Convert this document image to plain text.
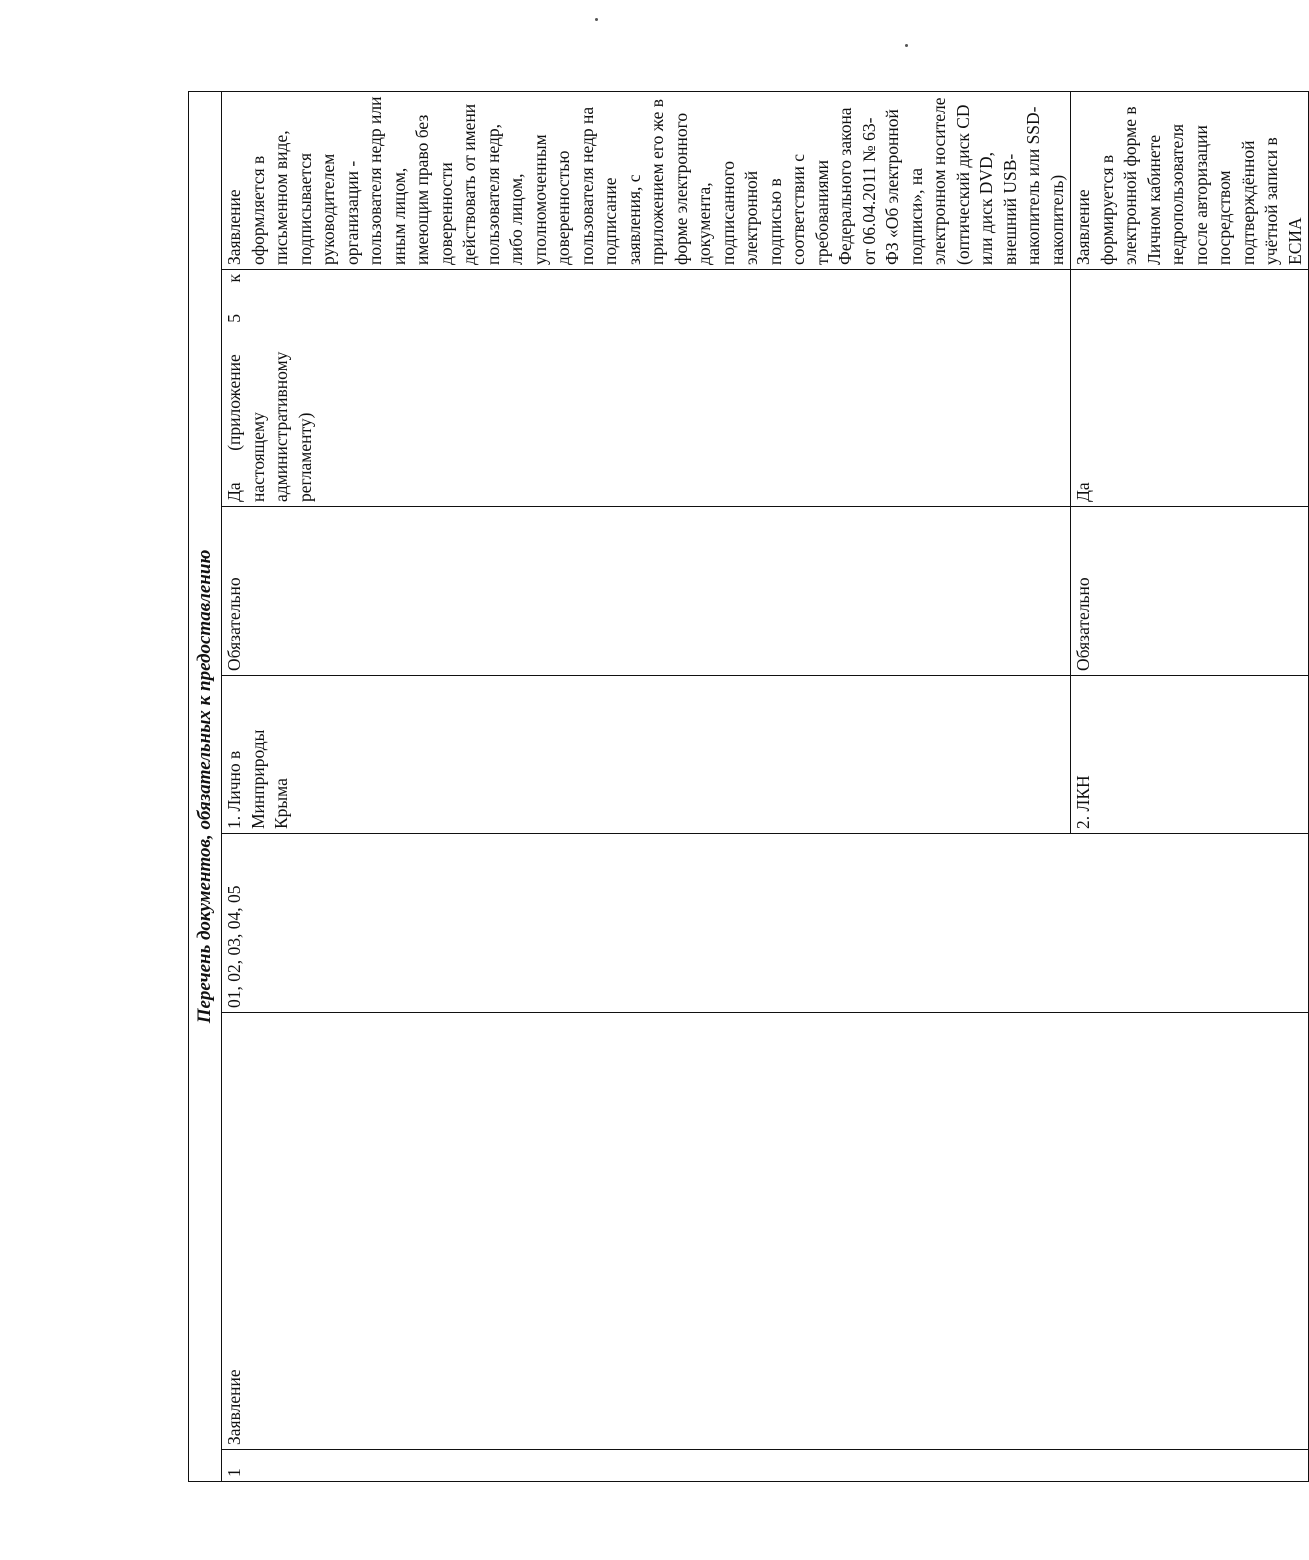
Перечень документов, обязательных к предоставлению						
1	Заявление	01, 02, 03, 04, 05	1. Лично в Минприроды Крыма	Обязательно	Да (приложение 5 к настоящему административному регламенту)	Заявление оформляется в письменном виде, подписывается руководителем организации - пользователя недр или иным лицом, имеющим право без доверенности действовать от имени пользователя недр, либо лицом, уполномоченным доверенностью пользователя недр на подписание заявления, с приложением его же в форме электронного документа, подписанного электронной подписью в соответствии с требованиями Федерального закона от 06.04.2011 № 63-ФЗ «Об электронной подписи», на электронном носителе (оптический диск CD или диск DVD, внешний USB-накопитель или SSD-накопитель)
			2. ЛКН	Обязательно	Да	Заявление формируется в электронной форме в Личном кабинете недропользователя после авторизации посредством подтверждённой учётной записи в ЕСИА
